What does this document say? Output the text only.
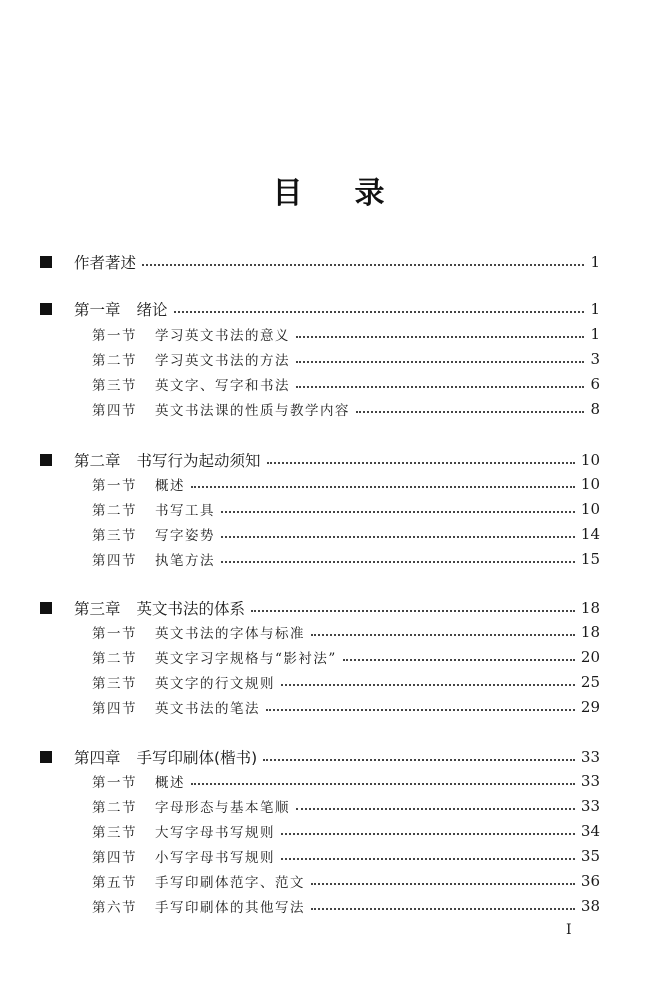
目录
作者著述	1
第一章 绪论	1
第一节 学习英文书法的意义	1
第二节 学习英文书法的方法	3
第三节 英文字、写字和书法	6
第四节 英文书法课的性质与教学内容	8
第二章 书写行为起动须知	10
第一节 概述	10
第二节 书写工具	10
第三节 写字姿势	14
第四节 执笔方法	15
第三章 英文书法的体系	18
第一节 英文书法的字体与标准	18
第二节 英文字习字规格与“影衬法”	20
第三节 英文字的行文规则	25
第四节 英文书法的笔法	29
第四章 手写印刷体(楷书)	33
第一节 概述	33
第二节 字母形态与基本笔顺	33
第三节 大写字母书写规则	34
第四节 小写字母书写规则	35
第五节 手写印刷体范字、范文	36
第六节 手写印刷体的其他写法	38
I
